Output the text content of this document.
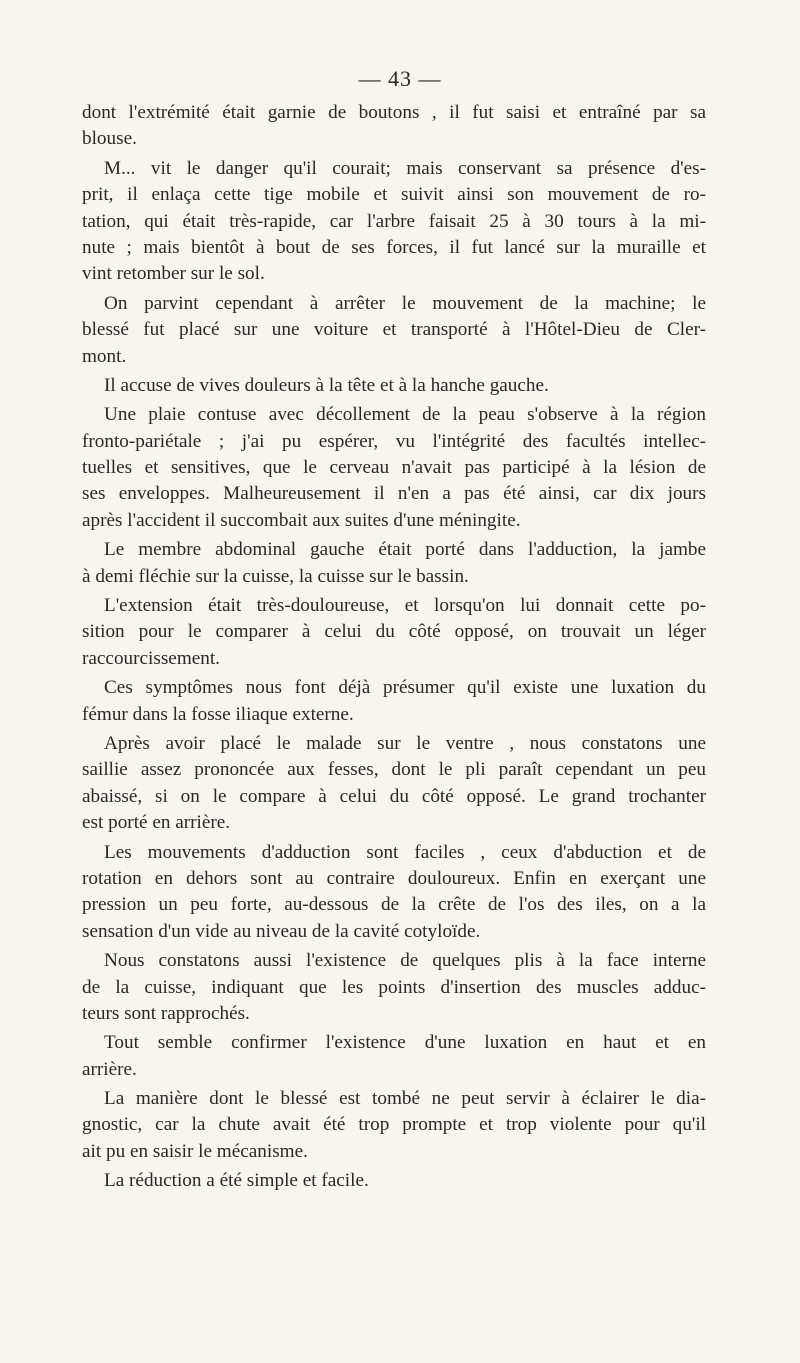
— 43 —
dont l'extrémité était garnie de boutons , il fut saisi et entraîné par sa
blouse.
M... vit le danger qu'il courait; mais conservant sa présence d'es-
prit, il enlaça cette tige mobile et suivit ainsi son mouvement de ro-
tation, qui était très-rapide, car l'arbre faisait 25 à 30 tours à la mi-
nute ; mais bientôt à bout de ses forces, il fut lancé sur la muraille et
vint retomber sur le sol.
On parvint cependant à arrêter le mouvement de la machine; le
blessé fut placé sur une voiture et transporté à l'Hôtel-Dieu de Cler-
mont.
Il accuse de vives douleurs à la tête et à la hanche gauche.
Une plaie contuse avec décollement de la peau s'observe à la région
fronto-pariétale ; j'ai pu espérer, vu l'intégrité des facultés intellec-
tuelles et sensitives, que le cerveau n'avait pas participé à la lésion de
ses enveloppes. Malheureusement il n'en a pas été ainsi, car dix jours
après l'accident il succombait aux suites d'une méningite.
Le membre abdominal gauche était porté dans l'adduction, la jambe
à demi fléchie sur la cuisse, la cuisse sur le bassin.
L'extension était très-douloureuse, et lorsqu'on lui donnait cette po-
sition pour le comparer à celui du côté opposé, on trouvait un léger
raccourcissement.
Ces symptômes nous font déjà présumer qu'il existe une luxation du
fémur dans la fosse iliaque externe.
Après avoir placé le malade sur le ventre , nous constatons une
saillie assez prononcée aux fesses, dont le pli paraît cependant un peu
abaissé, si on le compare à celui du côté opposé. Le grand trochanter
est porté en arrière.
Les mouvements d'adduction sont faciles , ceux d'abduction et de
rotation en dehors sont au contraire douloureux. Enfin en exerçant une
pression un peu forte, au-dessous de la crête de l'os des iles, on a la
sensation d'un vide au niveau de la cavité cotyloïde.
Nous constatons aussi l'existence de quelques plis à la face interne
de la cuisse, indiquant que les points d'insertion des muscles adduc-
teurs sont rapprochés.
Tout semble confirmer l'existence d'une luxation en haut et en
arrière.
La manière dont le blessé est tombé ne peut servir à éclairer le dia-
gnostic, car la chute avait été trop prompte et trop violente pour qu'il
ait pu en saisir le mécanisme.
La réduction a été simple et facile.
